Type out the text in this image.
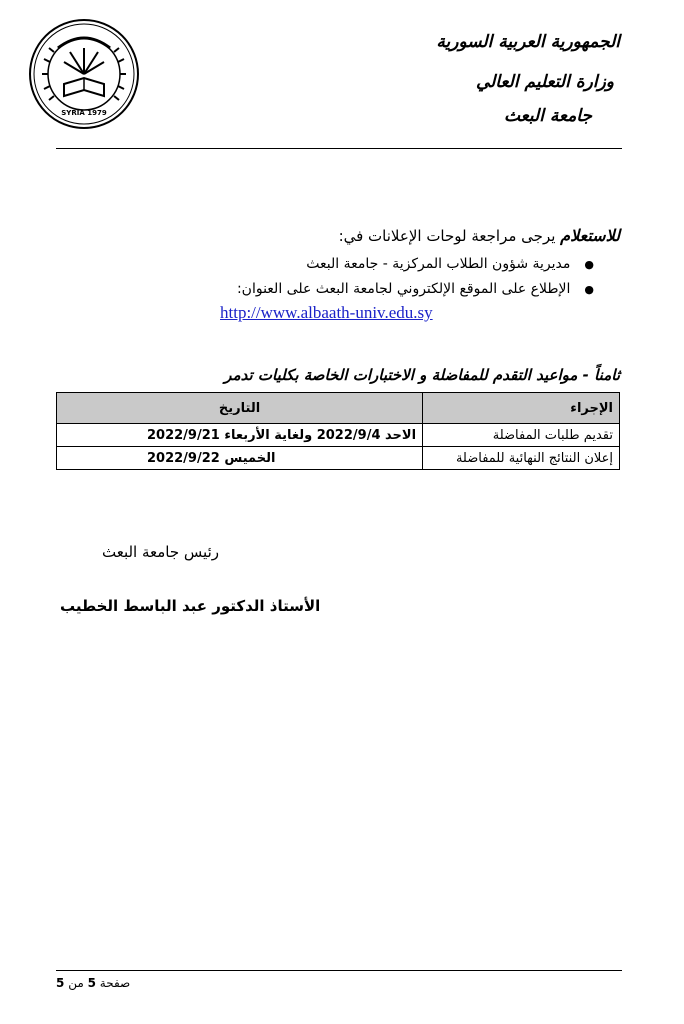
الجمهورية العربية السورية
وزارة التعليم العالي
جامعة البعث
SYRIA 1979
للاستعلام يرجى مراجعة لوحات الإعلانات في:
●
مديرية شؤون الطلاب المركزية - جامعة البعث
●
الإطلاع على الموقع الإلكتروني لجامعة البعث على العنوان:
http://www.albaath-univ.edu.sy
ثامناً - مواعيد التقدم للمفاضلة و الاختبارات الخاصة بكليات تدمر
الإجراء	التاريخ
تقديم طلبات المفاضلة	الاحد 2022/9/4 ولغاية الأربعاء 2022/9/21
إعلان النتائج النهائية للمفاضلة	الخميس 2022/9/22
رئيس جامعة البعث
الأستاذ الدكتور عبد الباسط الخطيب
صفحة 5 من 5
